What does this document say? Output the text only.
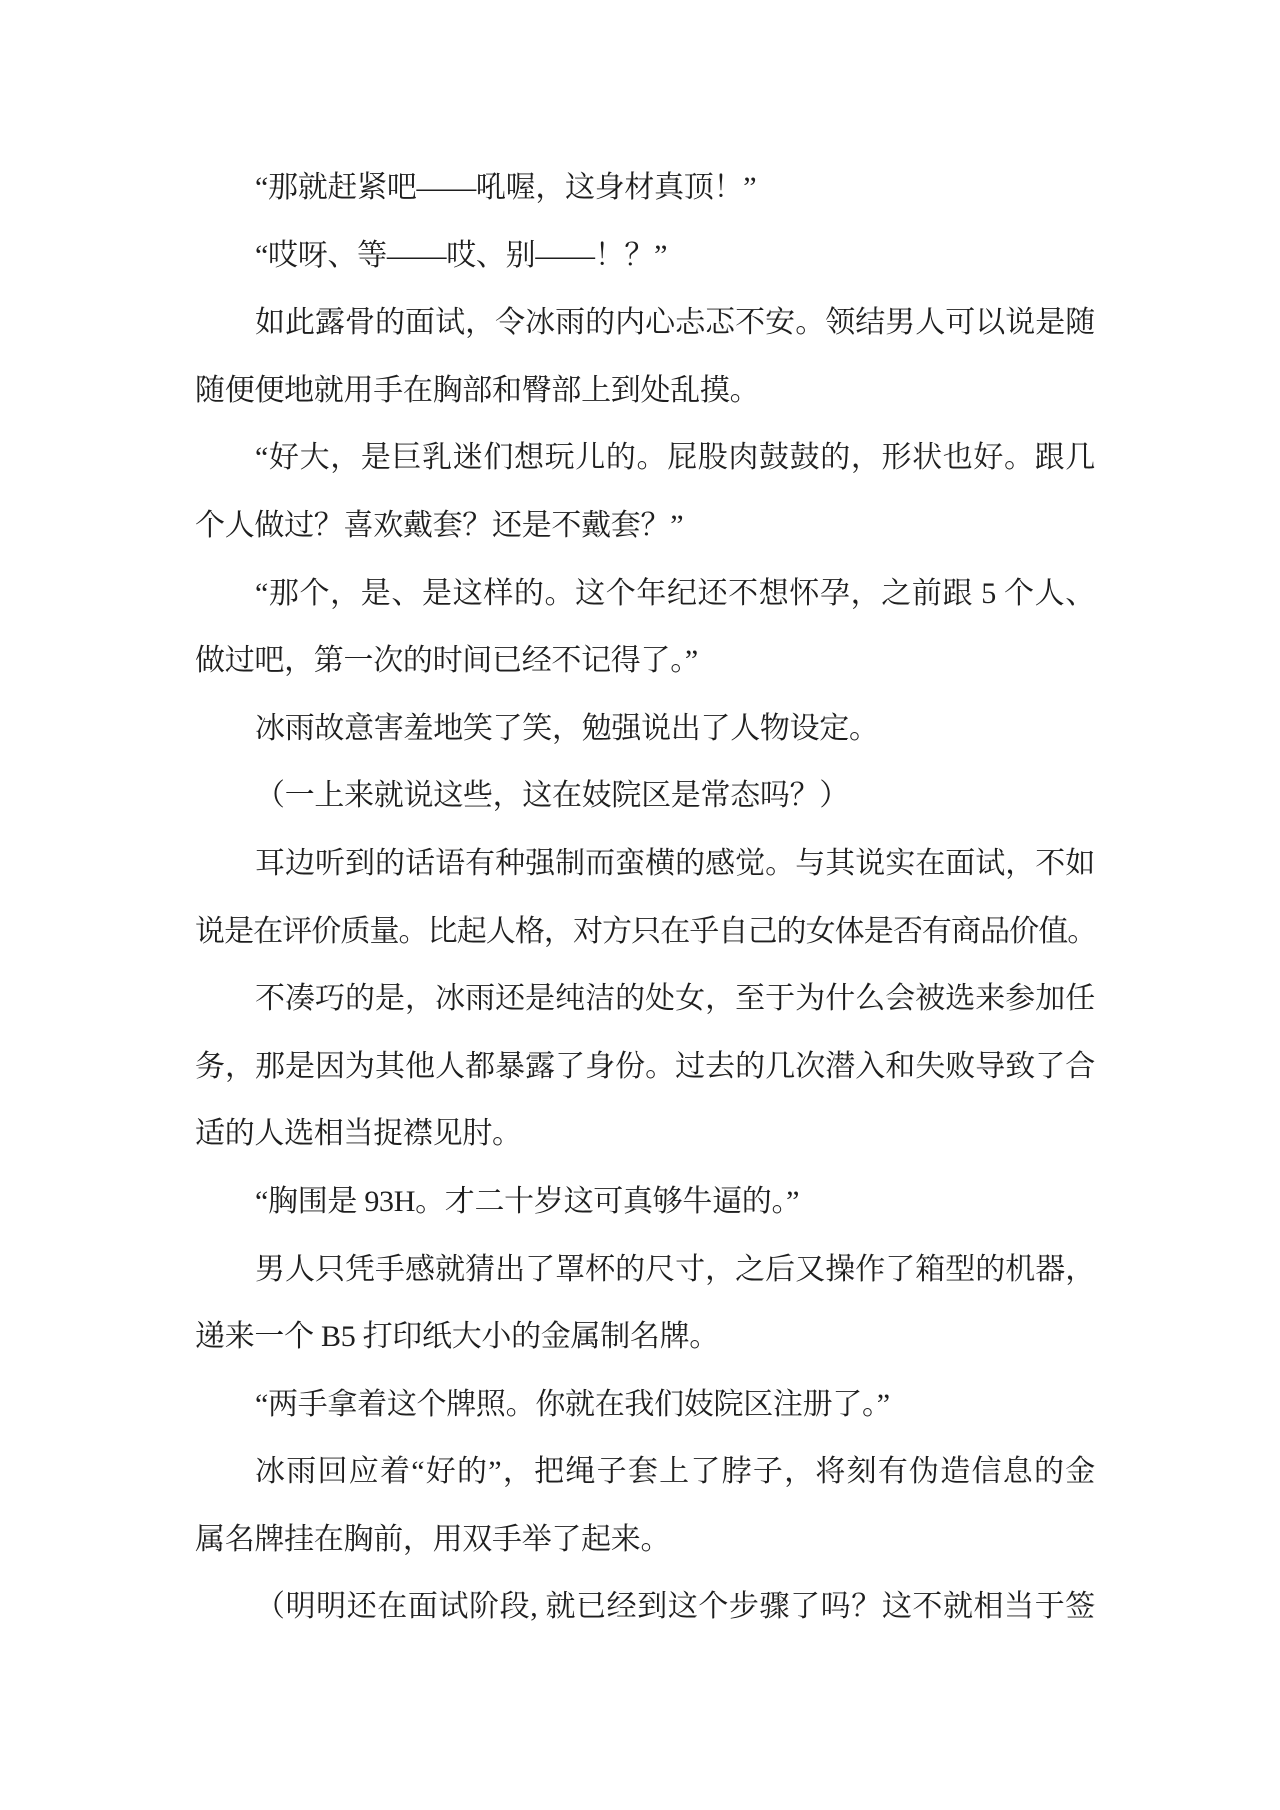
“那就赶紧吧——吼喔，这身材真顶！”
“哎呀、等——哎、别——！？”
如此露骨的面试，令冰雨的内心忐忑不安。领结男人可以说是随
随便便地就用手在胸部和臀部上到处乱摸。
“好大，是巨乳迷们想玩儿的。屁股肉鼓鼓的，形状也好。跟几
个人做过？喜欢戴套？还是不戴套？”
“那个，是、是这样的。这个年纪还不想怀孕，之前跟 5 个人、
做过吧，第一次的时间已经不记得了。”
冰雨故意害羞地笑了笑，勉强说出了人物设定。
（一上来就说这些，这在妓院区是常态吗？）
耳边听到的话语有种强制而蛮横的感觉。与其说实在面试，不如
说是在评价质量。比起人格，对方只在乎自己的女体是否有商品价值。
不凑巧的是，冰雨还是纯洁的处女，至于为什么会被选来参加任
务，那是因为其他人都暴露了身份。过去的几次潜入和失败导致了合
适的人选相当捉襟见肘。
“胸围是 93H。才二十岁这可真够牛逼的。”
男人只凭手感就猜出了罩杯的尺寸，之后又操作了箱型的机器，
递来一个 B5 打印纸大小的金属制名牌。
“两手拿着这个牌照。你就在我们妓院区注册了。”
冰雨回应着“好的”，把绳子套上了脖子，将刻有伪造信息的金
属名牌挂在胸前，用双手举了起来。
（明明还在面试阶段, 就已经到这个步骤了吗？这不就相当于签
